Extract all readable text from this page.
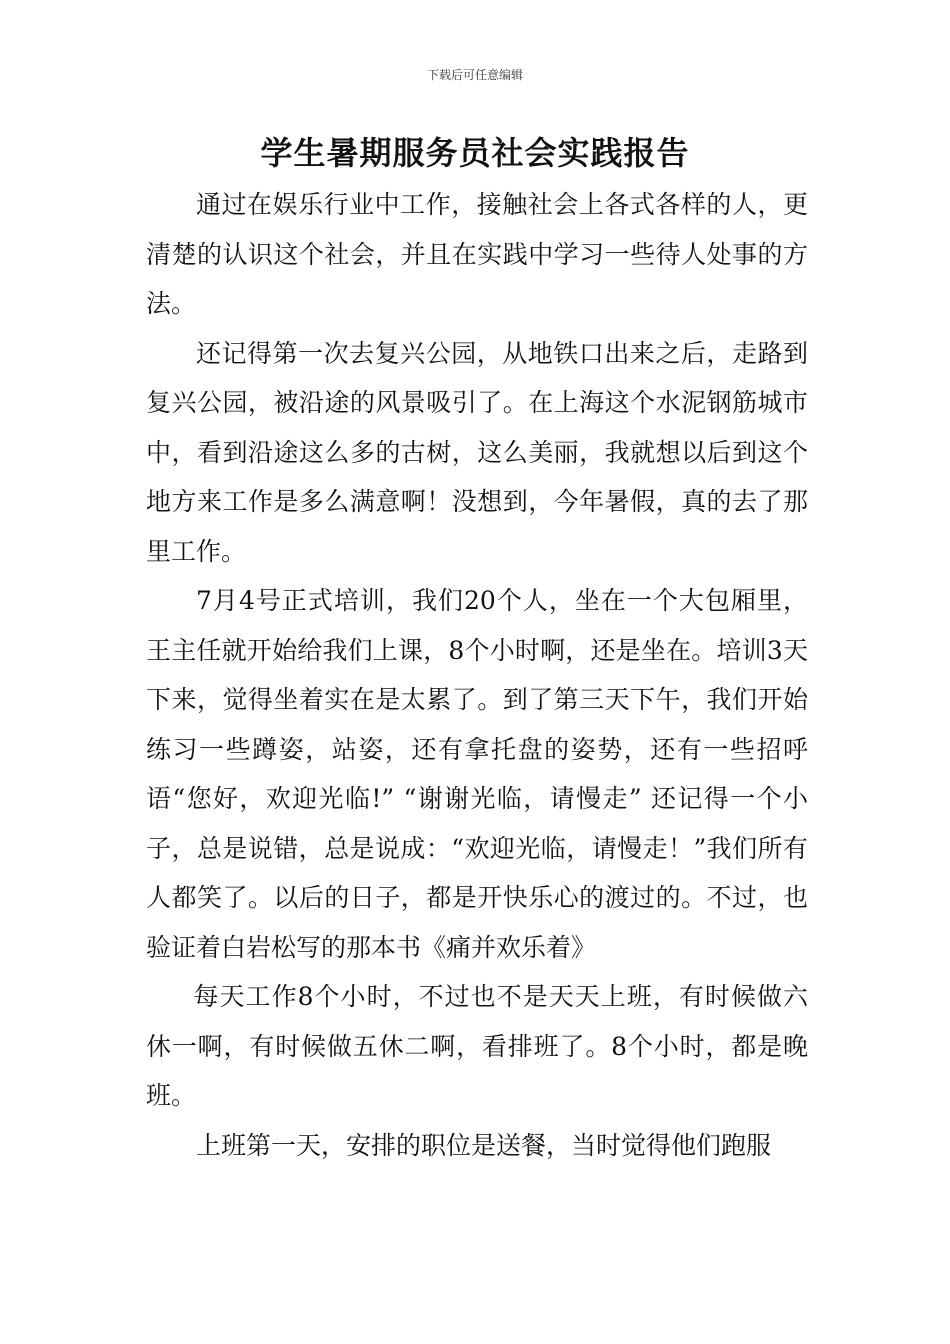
下载后可任意编辑
学生暑期服务员社会实践报告

通过在娱乐行业中工作，接触社会上各式各样的人，更清楚的认识这个社会，并且在实践中学习一些待人处事的方法。

还记得第一次去复兴公园，从地铁口出来之后，走路到复兴公园，被沿途的风景吸引了。在上海这个水泥钢筋城市中，看到沿途这么多的古树，这么美丽，我就想以后到这个地方来工作是多么满意啊！没想到，今年暑假，真的去了那里工作。

7月4号正式培训，我们20个人，坐在一个大包厢里，王主任就开始给我们上课，8个小时啊，还是坐在。培训3天下来，觉得坐着实在是太累了。到了第三天下午，我们开始练习一些蹲姿，站姿，还有拿托盘的姿势，还有一些招呼语“您好，欢迎光临!” “谢谢光临，请慢走” 还记得一个小子，总是说错，总是说成：“欢迎光临，请慢走！”我们所有人都笑了。以后的日子，都是开快乐心的渡过的。不过，也验证着白岩松写的那本书《痛并欢乐着》

每天工作8个小时，不过也不是天天上班，有时候做六休一啊，有时候做五休二啊，看排班了。8个小时，都是晚班。

上班第一天，安排的职位是送餐，当时觉得他们跑服
